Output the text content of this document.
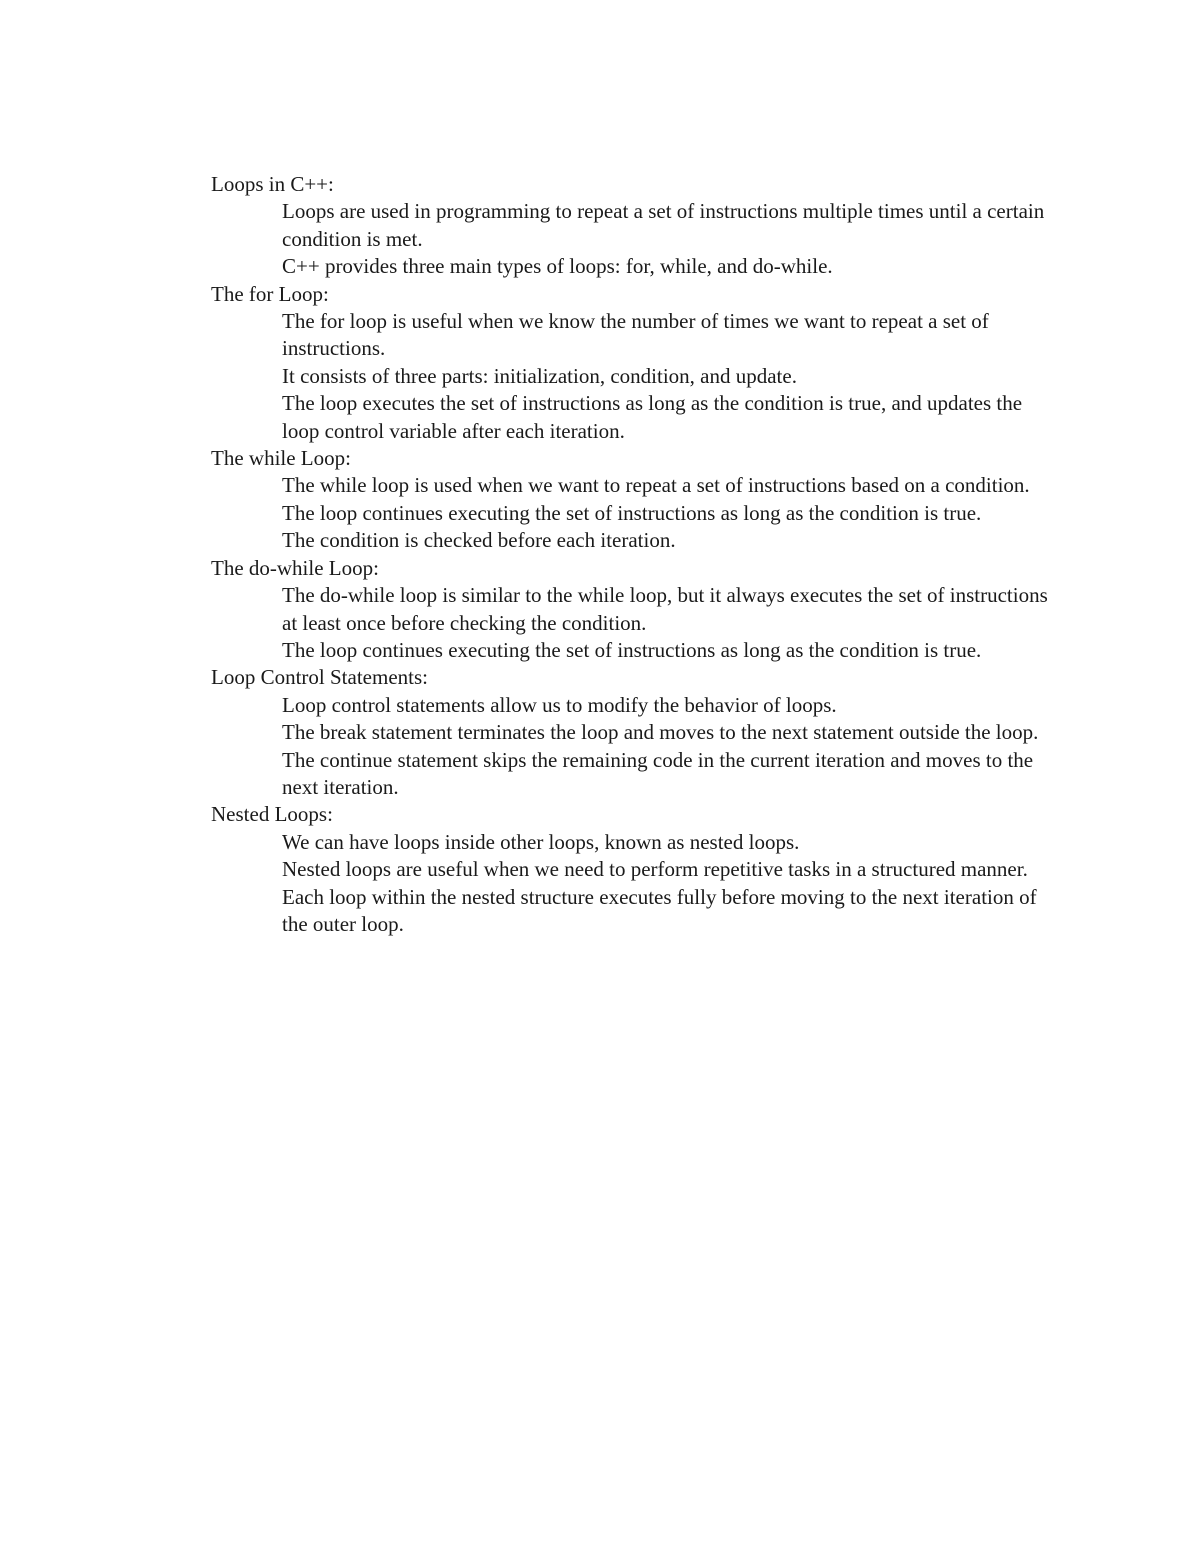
Loops in C++:

Loops are used in programming to repeat a set of instructions multiple times until a certain condition is met.

C++ provides three main types of loops: for, while, and do-while.

The for Loop:

The for loop is useful when we know the number of times we want to repeat a set of instructions.

It consists of three parts: initialization, condition, and update.

The loop executes the set of instructions as long as the condition is true, and updates the loop control variable after each iteration.

The while Loop:

The while loop is used when we want to repeat a set of instructions based on a condition.

The loop continues executing the set of instructions as long as the condition is true.

The condition is checked before each iteration.

The do-while Loop:

The do-while loop is similar to the while loop, but it always executes the set of instructions at least once before checking the condition.

The loop continues executing the set of instructions as long as the condition is true.

Loop Control Statements:

Loop control statements allow us to modify the behavior of loops.

The break statement terminates the loop and moves to the next statement outside the loop.

The continue statement skips the remaining code in the current iteration and moves to the next iteration.

Nested Loops:

We can have loops inside other loops, known as nested loops.

Nested loops are useful when we need to perform repetitive tasks in a structured manner.

Each loop within the nested structure executes fully before moving to the next iteration of the outer loop.
